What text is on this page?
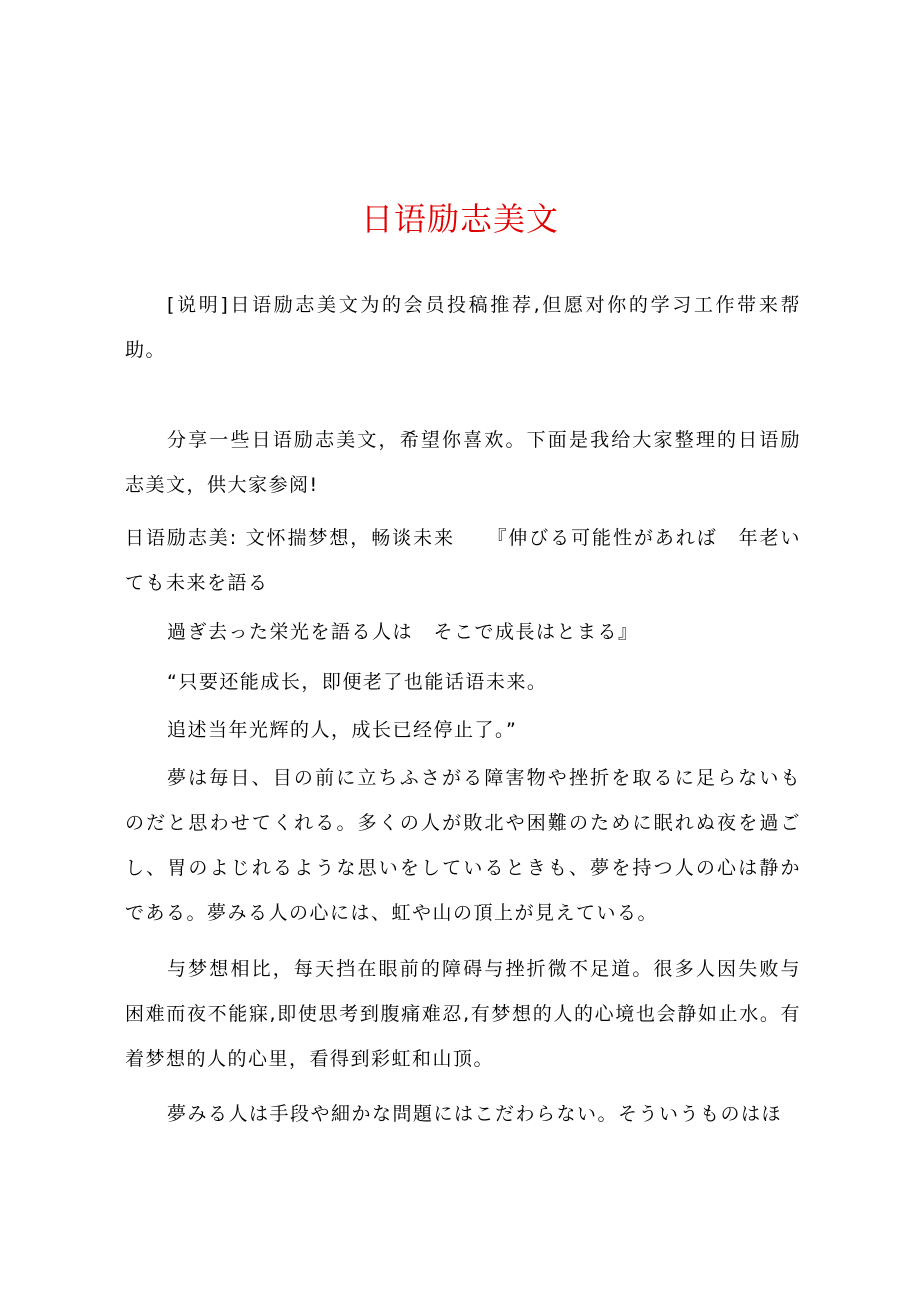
日语励志美文
[说明]日语励志美文为的会员投稿推荐,但愿对你的学习工作带来帮助。
分享一些日语励志美文，希望你喜欢。下面是我给大家整理的日语励志美文，供大家参阅!
日语励志美: 文怀揣梦想，畅谈未来　　『伸びる可能性があれば　年老いても未来を語る
過ぎ去った栄光を語る人は　そこで成長はとまる』
“只要还能成长，即便老了也能话语未来。
追述当年光辉的人，成长已经停止了。”
夢は毎日、目の前に立ちふさがる障害物や挫折を取るに足らないものだと思わせてくれる。多くの人が敗北や困難のために眠れぬ夜を過ごし、胃のよじれるような思いをしているときも、夢を持つ人の心は静かである。夢みる人の心には、虹や山の頂上が見えている。
与梦想相比，每天挡在眼前的障碍与挫折微不足道。很多人因失败与困难而夜不能寐,即使思考到腹痛难忍,有梦想的人的心境也会静如止水。有着梦想的人的心里，看得到彩虹和山顶。
夢みる人は手段や細かな問題にはこだわらない。そういうものはほ
